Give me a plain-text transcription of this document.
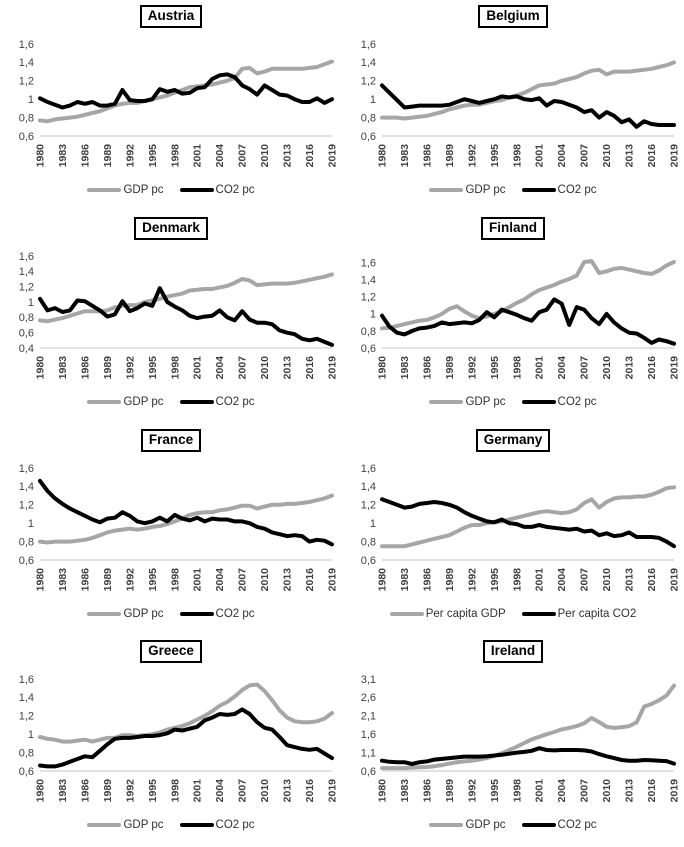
Austria
0,6
0,8
1
1,2
1,4
1,6
1980 1983 1986 1989 1992 1995 1998 2001 2004 2007 2010 2013 2016 2019
GDP pc	CO2 pc
Belgium
0,6
0,8
1
1,2
1,4
1,6
1980 1983 1986 1989 1992 1995 1998 2001 2004 2007 2010 2013 2016 2019
GDP pc	CO2 pc
Denmark
0,4
0,6
0,8
1
1,2
1,4
1,6
1980 1983 1986 1989 1992 1995 1998 2001 2004 2007 2010 2013 2016 2019
GDP pc	CO2 pc
Finland
0,6
0,8
1
1,2
1,4
1,6
1980 1983 1986 1989 1992 1995 1998 2001 2004 2007 2010 2013 2016 2019
GDP pc	CO2 pc
France
0,6
0,8
1
1,2
1,4
1,6
1980 1983 1986 1989 1992 1995 1998 2001 2004 2007 2010 2013 2016 2019
GDP pc	CO2 pc
Germany
0,6
0,8
1
1,2
1,4
1,6
1980 1983 1986 1989 1992 1995 1998 2001 2004 2007 2010 2013 2016 2019
Per capita GDP	Per capita CO2
Greece
0,6
0,8
1
1,2
1,4
1,6
1980 1983 1986 1989 1992 1995 1998 2001 2004 2007 2010 2013 2016 2019
GDP pc	CO2 pc
Ireland
0,6
1,1
1,6
2,1
2,6
3,1
1980 1983 1986 1989 1992 1995 1998 2001 2004 2007 2010 2013 2016 2019
GDP pc	CO2 pc
